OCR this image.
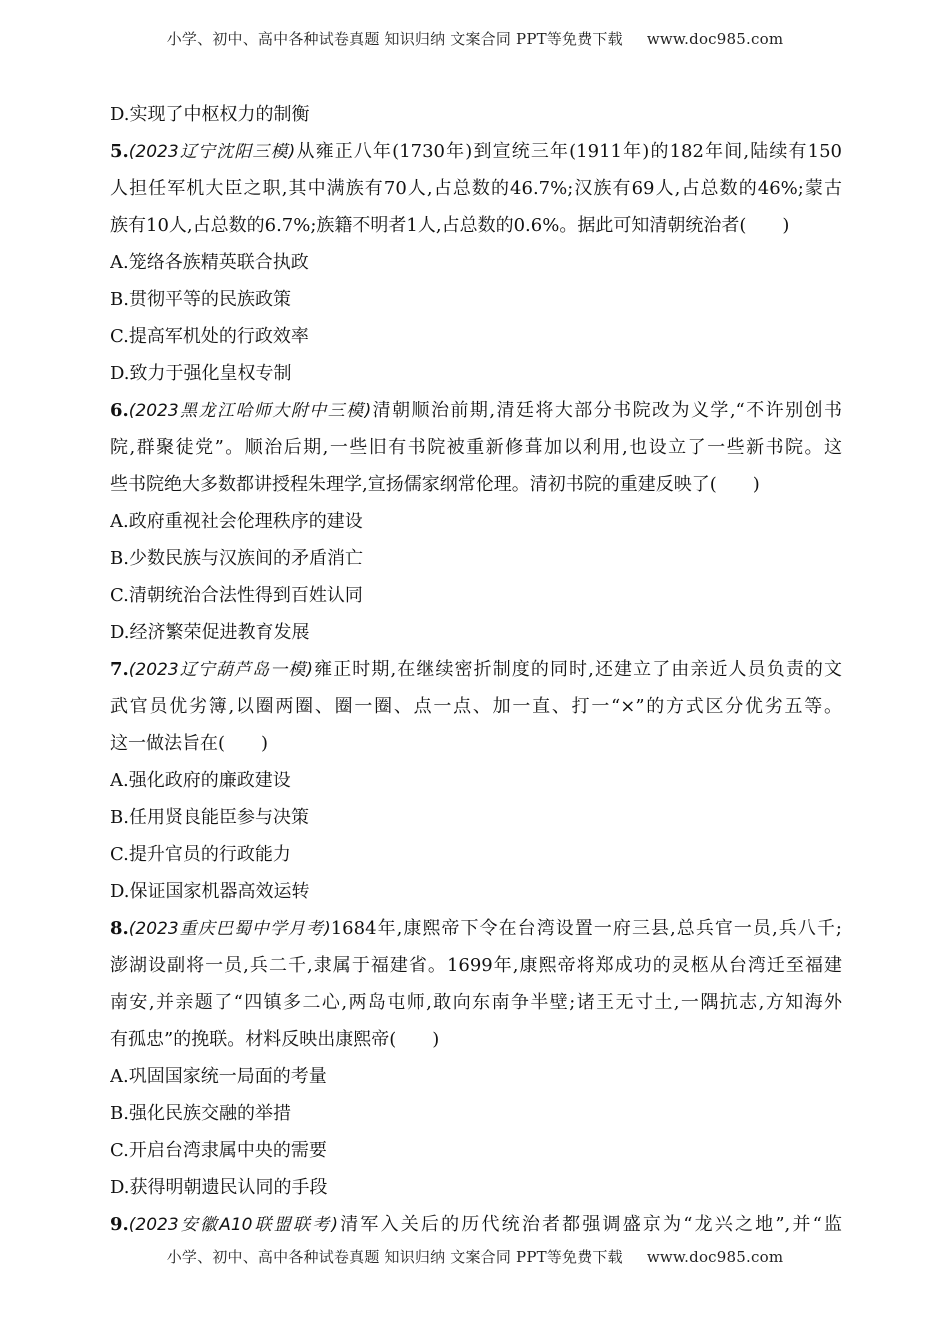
小学、初中、高中各种试卷真题 知识归纳 文案合同 PPT等免费下载 www.doc985.com
D.实现了中枢权力的制衡
5.(2023辽宁沈阳三模)从雍正八年(1730年)到宣统三年(1911年)的182年间,陆续有150
人担任军机大臣之职,其中满族有70人,占总数的46.7%;汉族有69人,占总数的46%;蒙古
族有10人,占总数的6.7%;族籍不明者1人,占总数的0.6%。据此可知清朝统治者(　　)
A.笼络各族精英联合执政
B.贯彻平等的民族政策
C.提高军机处的行政效率
D.致力于强化皇权专制
6.(2023黑龙江哈师大附中三模)清朝顺治前期,清廷将大部分书院改为义学,“不许别创书
院,群聚徒党”。顺治后期,一些旧有书院被重新修葺加以利用,也设立了一些新书院。这
些书院绝大多数都讲授程朱理学,宣扬儒家纲常伦理。清初书院的重建反映了(　　)
A.政府重视社会伦理秩序的建设
B.少数民族与汉族间的矛盾消亡
C.清朝统治合法性得到百姓认同
D.经济繁荣促进教育发展
7.(2023辽宁葫芦岛一模)雍正时期,在继续密折制度的同时,还建立了由亲近人员负责的文
武官员优劣簿,以圈两圈、圈一圈、点一点、加一直、打一“×”的方式区分优劣五等。
这一做法旨在(　　)
A.强化政府的廉政建设
B.任用贤良能臣参与决策
C.提升官员的行政能力
D.保证国家机器高效运转
8.(2023重庆巴蜀中学月考)1684年,康熙帝下令在台湾设置一府三县,总兵官一员,兵八千;
澎湖设副将一员,兵二千,隶属于福建省。1699年,康熙帝将郑成功的灵柩从台湾迁至福建
南安,并亲题了“四镇多二心,两岛屯师,敢向东南争半壁;诸王无寸土,一隅抗志,方知海外
有孤忠”的挽联。材料反映出康熙帝(　　)
A.巩固国家统一局面的考量
B.强化民族交融的举措
C.开启台湾隶属中央的需要
D.获得明朝遗民认同的手段
9.(2023安徽A10联盟联考)清军入关后的历代统治者都强调盛京为“龙兴之地”,并“监
小学、初中、高中各种试卷真题 知识归纳 文案合同 PPT等免费下载 www.doc985.com
